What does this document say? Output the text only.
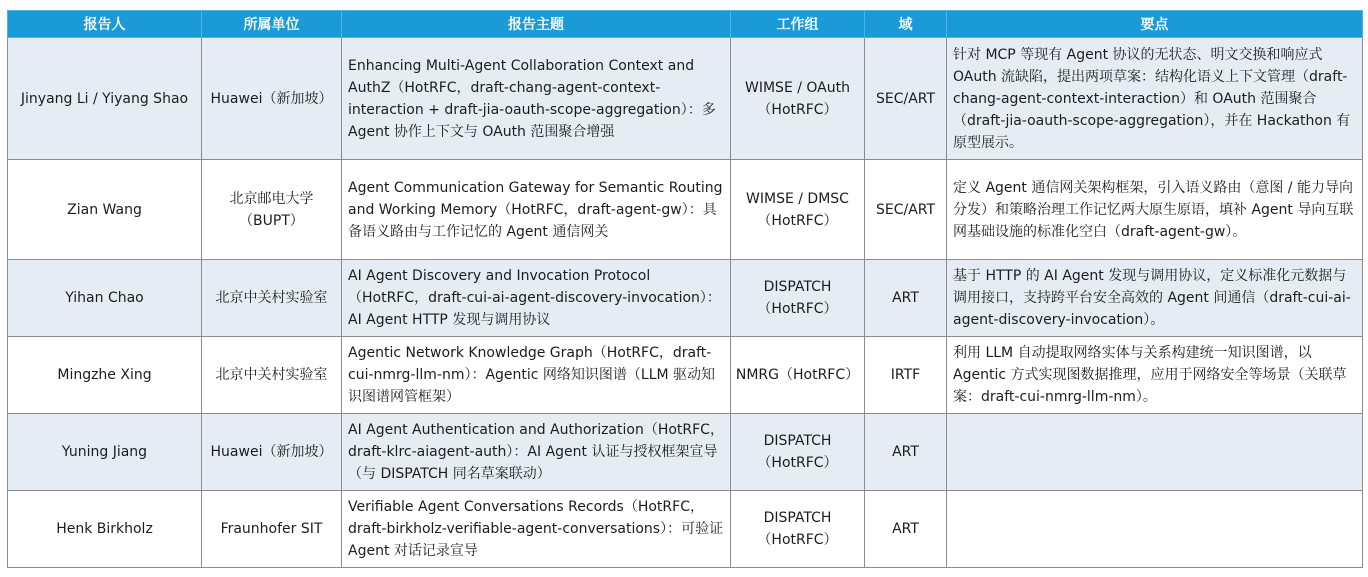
报告人	所属单位	报告主题	工作组	域	要点
Jinyang Li / Yiyang Shao	Huawei（新加坡）	Enhancing Multi-Agent Collaboration Context and AuthZ（HotRFC，draft-chang-agent-context-interaction + draft-jia-oauth-scope-aggregation）：多 Agent 协作上下文与 OAuth 范围聚合增强	WIMSE / OAuth（HotRFC）	SEC/ART	针对 MCP 等现有 Agent 协议的无状态、明文交换和响应式 OAuth 流缺陷，提出两项草案：结构化语义上下文管理（draft-chang-agent-context-interaction）和 OAuth 范围聚合（draft-jia-oauth-scope-aggregation），并在 Hackathon 有原型展示。
Zian Wang	北京邮电大学（BUPT）	Agent Communication Gateway for Semantic Routing and Working Memory（HotRFC，draft-agent-gw）：具备语义路由与工作记忆的 Agent 通信网关	WIMSE / DMSC（HotRFC）	SEC/ART	定义 Agent 通信网关架构框架，引入语义路由（意图 / 能力导向分发）和策略治理工作记忆两大原生原语，填补 Agent 导向互联网基础设施的标准化空白（draft-agent-gw）。
Yihan Chao	北京中关村实验室	AI Agent Discovery and Invocation Protocol（HotRFC，draft-cui-ai-agent-discovery-invocation）：AI Agent HTTP 发现与调用协议	DISPATCH（HotRFC）	ART	基于 HTTP 的 AI Agent 发现与调用协议，定义标准化元数据与调用接口，支持跨平台安全高效的 Agent 间通信（draft-cui-ai-agent-discovery-invocation）。
Mingzhe Xing	北京中关村实验室	Agentic Network Knowledge Graph（HotRFC，draft-cui-nmrg-llm-nm）：Agentic 网络知识图谱（LLM 驱动知识图谱网管框架）	NMRG（HotRFC）	IRTF	利用 LLM 自动提取网络实体与关系构建统一知识图谱，以 Agentic 方式实现图数据推理，应用于网络安全等场景（关联草案：draft-cui-nmrg-llm-nm）。
Yuning Jiang	Huawei（新加坡）	AI Agent Authentication and Authorization（HotRFC，draft-klrc-aiagent-auth）：AI Agent 认证与授权框架宣导（与 DISPATCH 同名草案联动）	DISPATCH（HotRFC）	ART	
Henk Birkholz	Fraunhofer SIT	Verifiable Agent Conversations Records（HotRFC，draft-birkholz-verifiable-agent-conversations）：可验证 Agent 对话记录宣导	DISPATCH（HotRFC）	ART	
